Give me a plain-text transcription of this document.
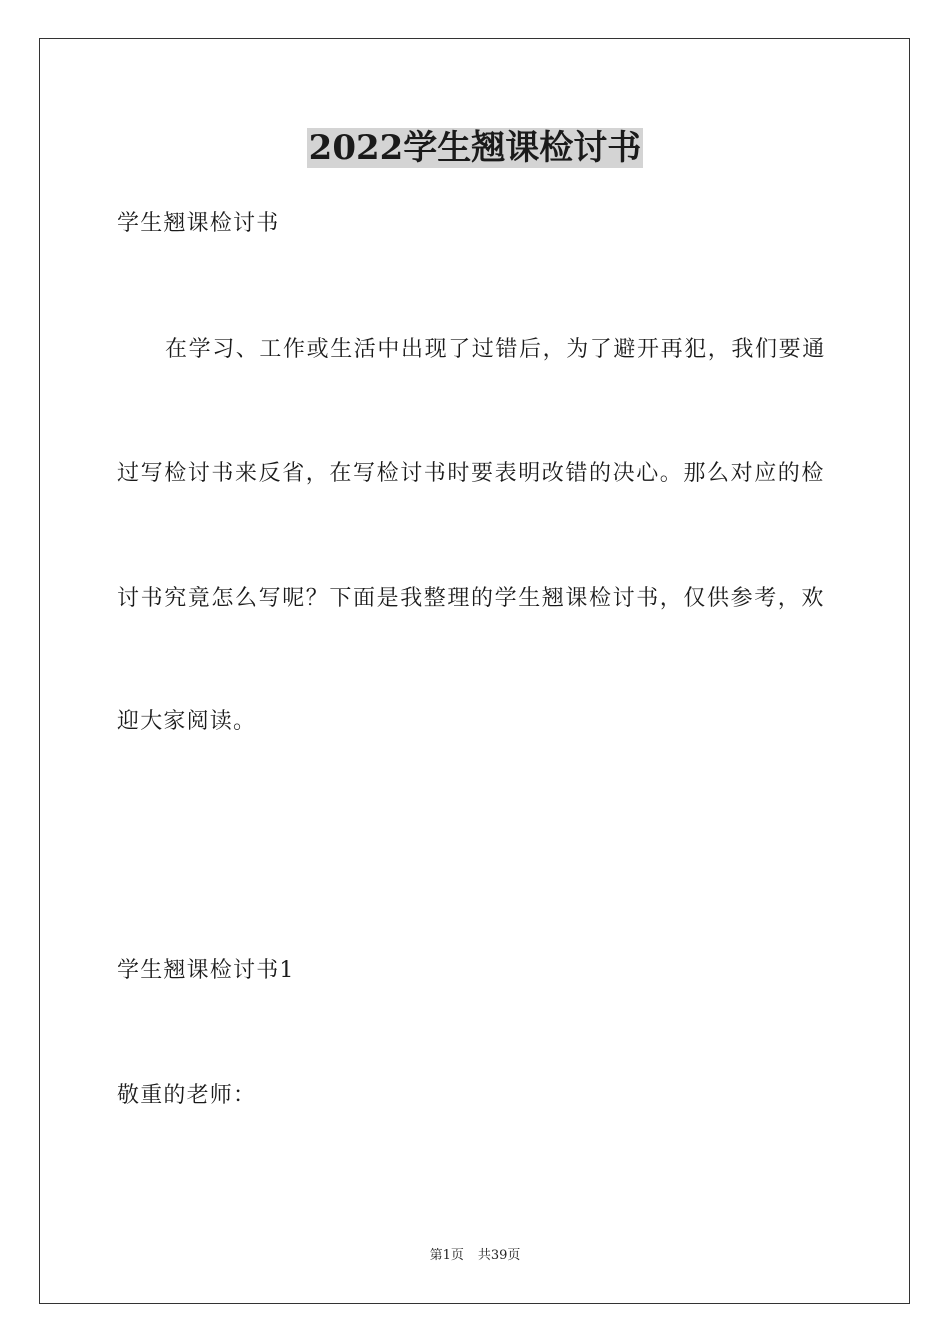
2022学生翘课检讨书
学生翘课检讨书
在学习、工作或生活中出现了过错后，为了避开再犯，我们要通
过写检讨书来反省，在写检讨书时要表明改错的决心。那么对应的检
讨书究竟怎么写呢？下面是我整理的学生翘课检讨书，仅供参考，欢
迎大家阅读。
学生翘课检讨书1
敬重的老师：
第1页 共39页
